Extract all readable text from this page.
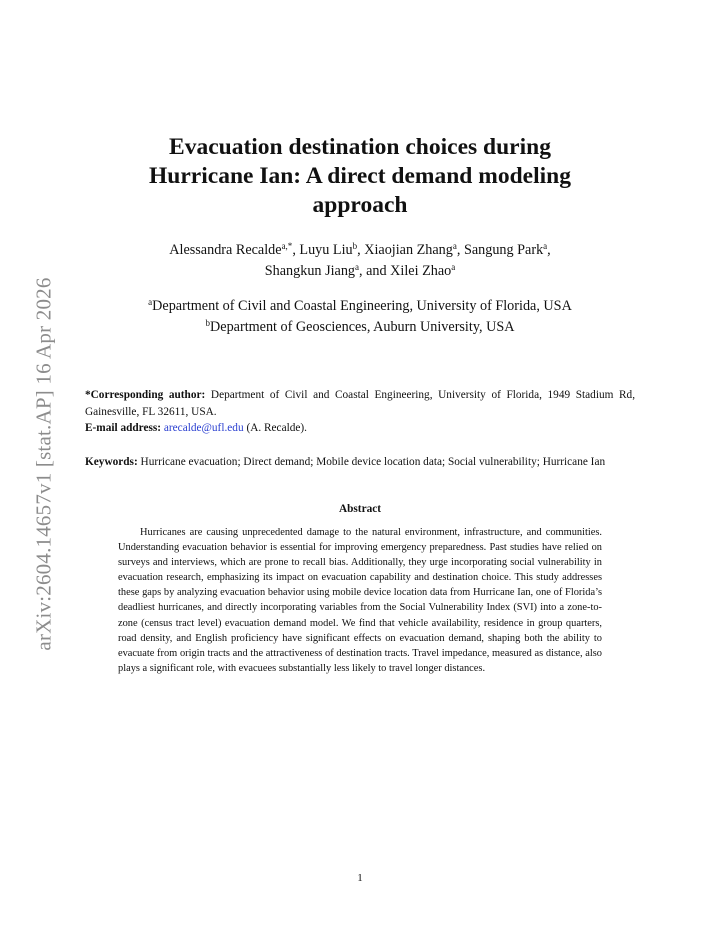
arXiv:2604.14657v1 [stat.AP] 16 Apr 2026
Evacuation destination choices during
Hurricane Ian: A direct demand modeling
approach
Alessandra Recalde$^{a,*}$, Luyu Liu$^b$, Xiaojian Zhang$^a$, Sangung Park$^a$,
Shangkun Jiang$^a$, and Xilei Zhao$^a$
$^a$Department of Civil and Coastal Engineering, University of Florida, USA
$^b$Department of Geosciences, Auburn University, USA
*Corresponding author: Department of Civil and Coastal Engineering, University of Florida, 1949 Stadium Rd, Gainesville, FL 32611, USA.
E-mail address: arecalde@ufl.edu (A. Recalde).
Keywords: Hurricane evacuation; Direct demand; Mobile device location data; Social vulnerability; Hurricane Ian
Abstract
Hurricanes are causing unprecedented damage to the natural environment, infrastructure, and communities. Understanding evacuation behavior is essential for improving emergency preparedness. Past studies have relied on surveys and interviews, which are prone to recall bias. Additionally, they urge incorporating social vulnerability in evacuation research, emphasizing its impact on evacuation capability and destination choice. This study addresses these gaps by analyzing evacuation behavior using mobile device location data from Hurricane Ian, one of Florida’s deadliest hurricanes, and directly incorporating variables from the Social Vulnerability Index (SVI) into a zone-to-zone (census tract level) evacuation demand model. We find that vehicle availability, residence in group quarters, road density, and English proficiency have significant effects on evacuation demand, shaping both the ability to evacuate from origin tracts and the attractiveness of destination tracts. Travel impedance, measured as distance, also plays a significant role, with evacuees substantially less likely to travel longer distances.
1
